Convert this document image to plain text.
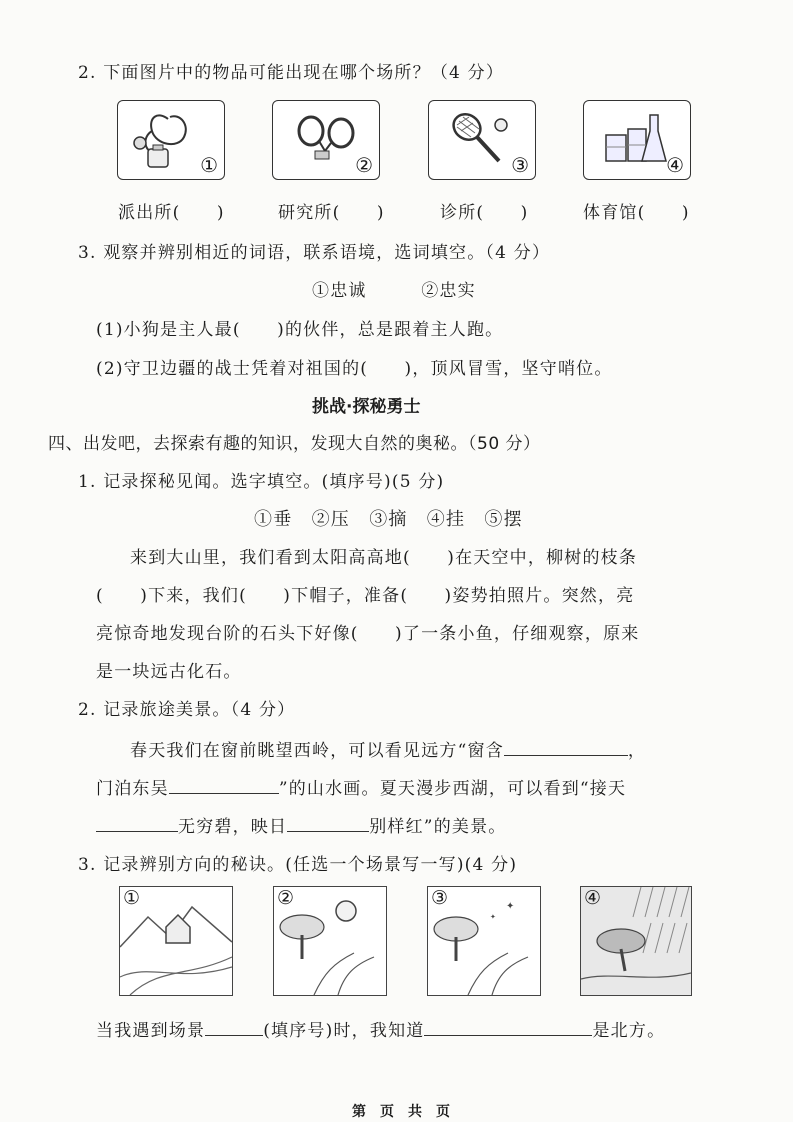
2. 下面图片中的物品可能出现在哪个场所？（4 分）
①	②	③	④
派出所(　　)	研究所(　　)	诊所(　　)	体育馆(　　)
3. 观察并辨别相近的词语，联系语境，选词填空。（4 分）
①忠诚　　　②忠实
(1)小狗是主人最(　　)的伙伴，总是跟着主人跑。
(2)守卫边疆的战士凭着对祖国的(　　)，顶风冒雪，坚守哨位。
挑战·探秘勇士
四、出发吧，去探索有趣的知识，发现大自然的奥秘。（50 分）
1. 记录探秘见闻。选字填空。(填序号)(5 分)
①垂　②压　③摘　④挂　⑤摆
来到大山里，我们看到太阳高高地(　　)在天空中，柳树的枝条
(　　)下来，我们(　　)下帽子，准备(　　)姿势拍照片。突然，亮
亮惊奇地发现台阶的石头下好像(　　)了一条小鱼，仔细观察，原来
是一块远古化石。
2. 记录旅途美景。（4 分）
春天我们在窗前眺望西岭，可以看见远方“窗含	，
门泊东吴	”的山水画。夏天漫步西湖，可以看到“接天
无穷碧，映日	别样红”的美景。
3. 记录辨别方向的秘诀。(任选一个场景写一写)(4 分)
①	②	✦
✦
③	④
当我遇到场景	(填序号)时，我知道	是北方。
第　页　共　页
